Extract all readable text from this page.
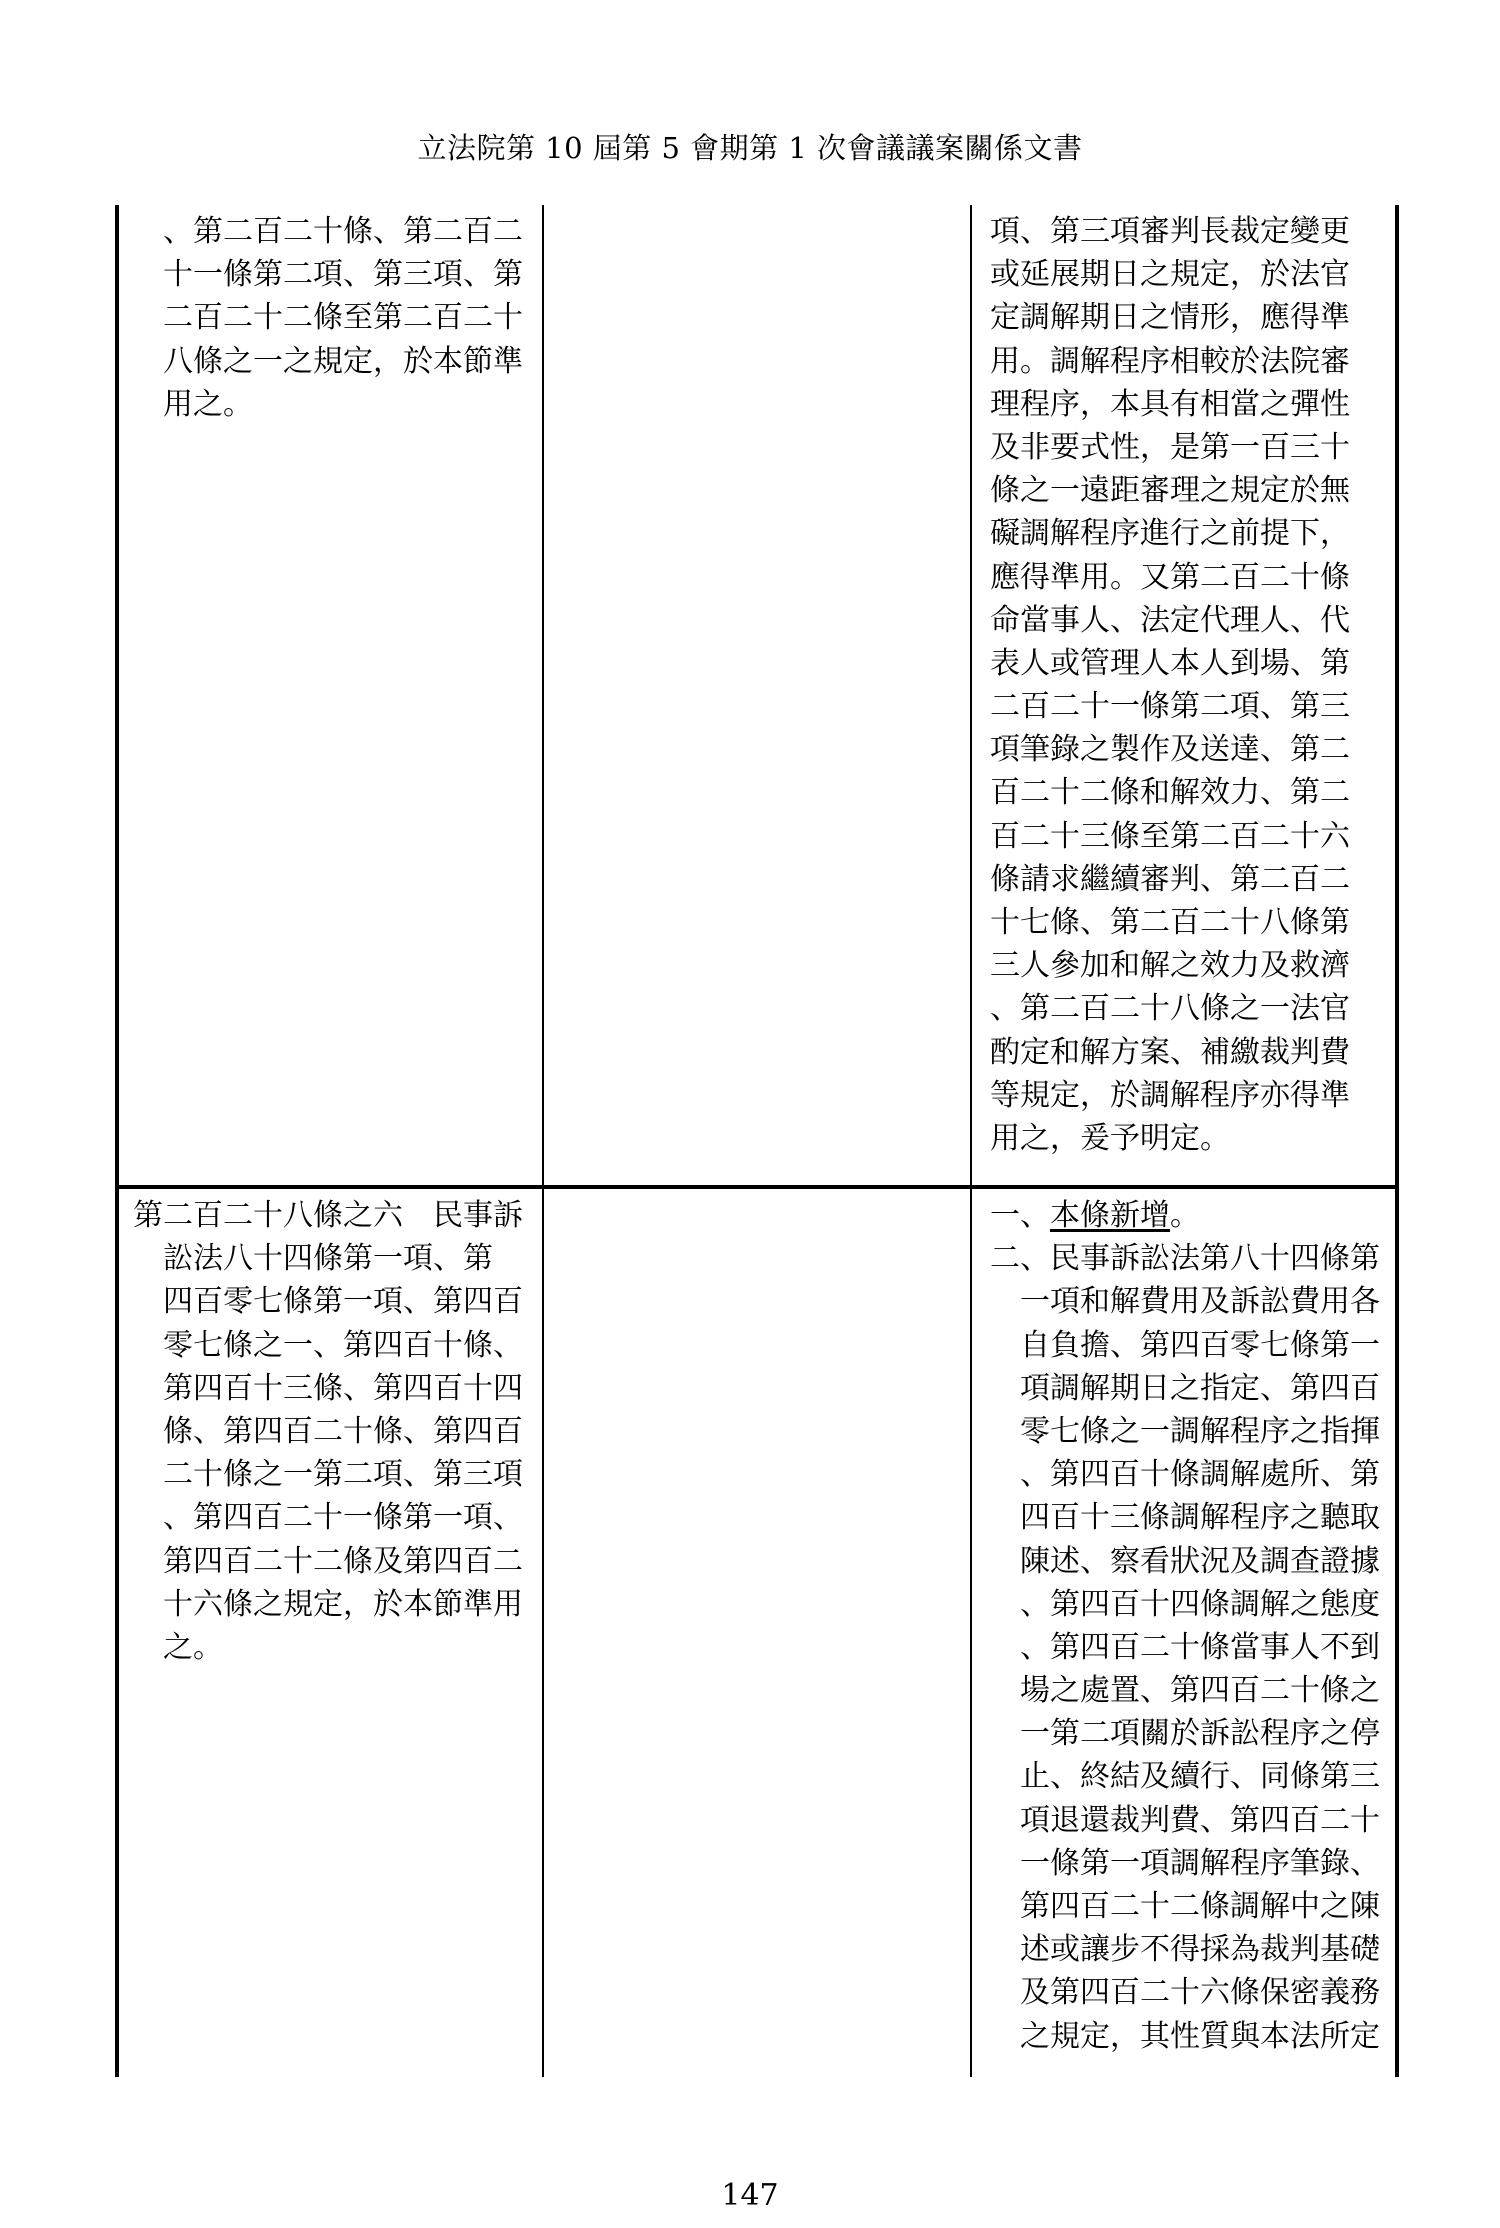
立法院第 10 屆第 5 會期第 1 次會議議案關係文書
、第二百二十條、第二百二
十一條第二項、第三項、第
二百二十二條至第二百二十
八條之一之規定，於本節準
用之。
項、第三項審判長裁定變更
或延展期日之規定，於法官
定調解期日之情形，應得準
用。調解程序相較於法院審
理程序，本具有相當之彈性
及非要式性，是第一百三十
條之一遠距審理之規定於無
礙調解程序進行之前提下，
應得準用。又第二百二十條
命當事人、法定代理人、代
表人或管理人本人到場、第
二百二十一條第二項、第三
項筆錄之製作及送達、第二
百二十二條和解效力、第二
百二十三條至第二百二十六
條請求繼續審判、第二百二
十七條、第二百二十八條第
三人參加和解之效力及救濟
、第二百二十八條之一法官
酌定和解方案、補繳裁判費
等規定，於調解程序亦得準
用之，爰予明定。
第二百二十八條之六　民事訴
訟法八十四條第一項、第
四百零七條第一項、第四百
零七條之一、第四百十條、
第四百十三條、第四百十四
條、第四百二十條、第四百
二十條之一第二項、第三項
、第四百二十一條第一項、
第四百二十二條及第四百二
十六條之規定，於本節準用
之。
一、本條新增。
二、民事訴訟法第八十四條第
一項和解費用及訴訟費用各
自負擔、第四百零七條第一
項調解期日之指定、第四百
零七條之一調解程序之指揮
、第四百十條調解處所、第
四百十三條調解程序之聽取
陳述、察看狀況及調查證據
、第四百十四條調解之態度
、第四百二十條當事人不到
場之處置、第四百二十條之
一第二項關於訴訟程序之停
止、終結及續行、同條第三
項退還裁判費、第四百二十
一條第一項調解程序筆錄、
第四百二十二條調解中之陳
述或讓步不得採為裁判基礎
及第四百二十六條保密義務
之規定，其性質與本法所定
147
